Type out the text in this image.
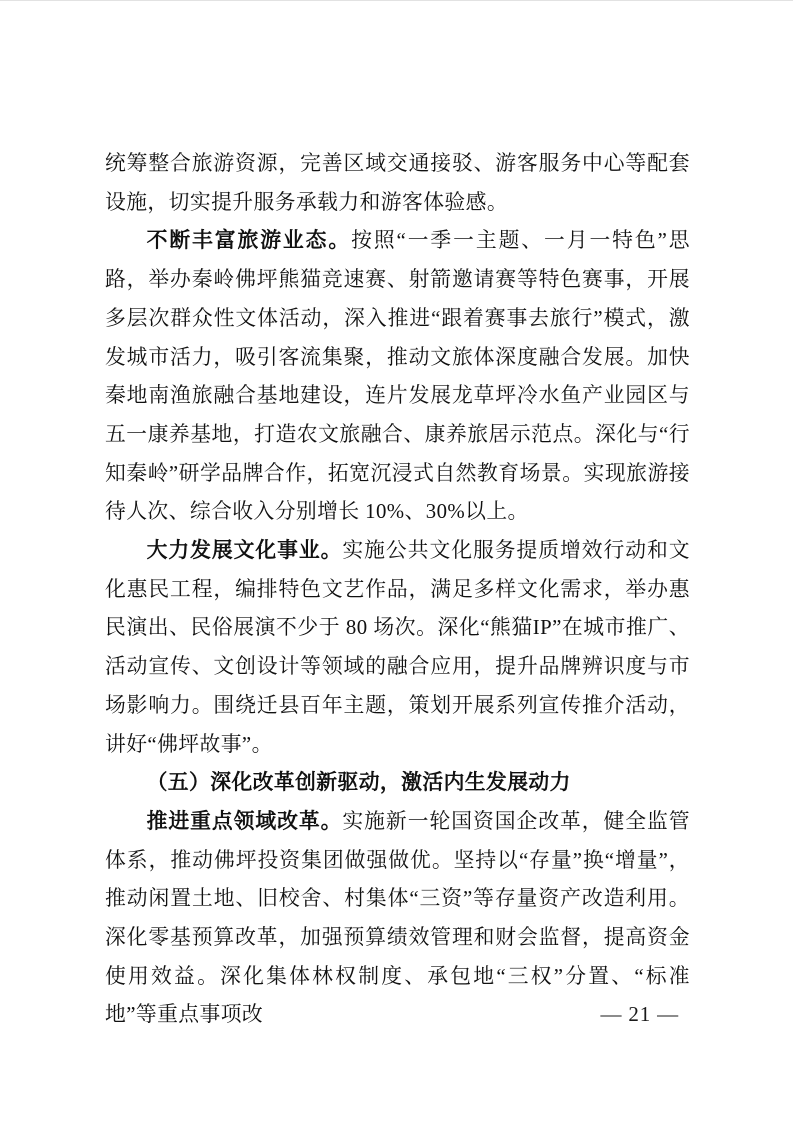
统筹整合旅游资源，完善区域交通接驳、游客服务中心等配套设施，切实提升服务承载力和游客体验感。

不断丰富旅游业态。按照“一季一主题、一月一特色”思路，举办秦岭佛坪熊猫竞速赛、射箭邀请赛等特色赛事，开展多层次群众性文体活动，深入推进“跟着赛事去旅行”模式，激发城市活力，吸引客流集聚，推动文旅体深度融合发展。加快秦地南渔旅融合基地建设，连片发展龙草坪冷水鱼产业园区与五一康养基地，打造农文旅融合、康养旅居示范点。深化与“行知秦岭”研学品牌合作，拓宽沉浸式自然教育场景。实现旅游接待人次、综合收入分别增长 10%、30%以上。

大力发展文化事业。实施公共文化服务提质增效行动和文化惠民工程，编排特色文艺作品，满足多样文化需求，举办惠民演出、民俗展演不少于 80 场次。深化“熊猫IP”在城市推广、活动宣传、文创设计等领域的融合应用，提升品牌辨识度与市场影响力。围绕迁县百年主题，策划开展系列宣传推介活动，讲好“佛坪故事”。

（五）深化改革创新驱动，激活内生发展动力

推进重点领域改革。实施新一轮国资国企改革，健全监管体系，推动佛坪投资集团做强做优。坚持以“存量”换“增量”，推动闲置土地、旧校舍、村集体“三资”等存量资产改造利用。深化零基预算改革，加强预算绩效管理和财会监督，提高资金使用效益。深化集体林权制度、承包地“三权”分置、“标准地”等重点事项改	— 21 —
